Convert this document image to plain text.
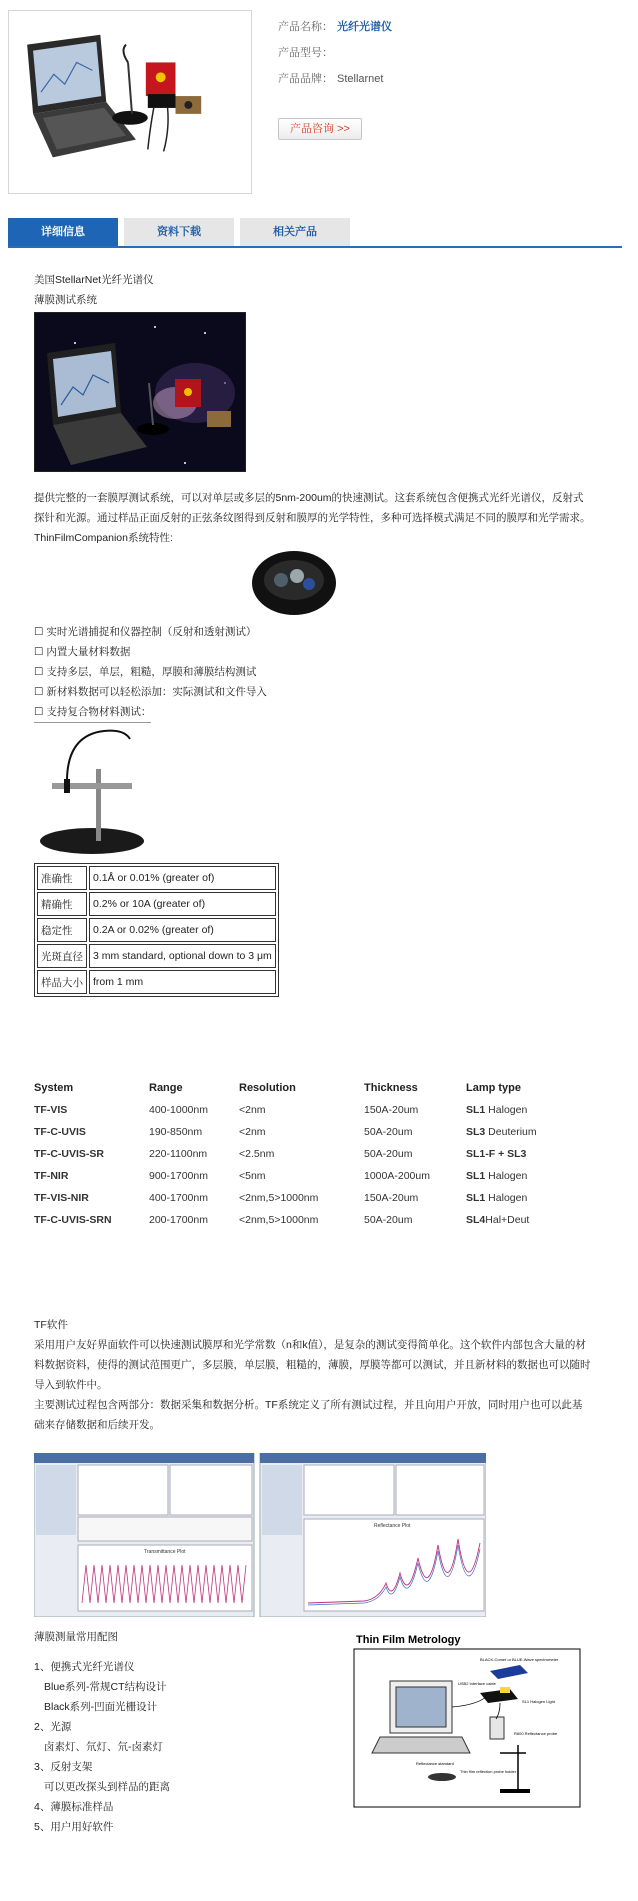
产品名称： 光纤光谱仪
产品型号：
产品品牌： Stellarnet
产品咨询 >>
详细信息	资料下载	相关产品
美国StellarNet光纤光谱仪
薄膜测试系统
提供完整的一套膜厚测试系统，可以对单层或多层的5nm-200um的快速测试。这套系统包含便携式光纤光谱仪，反射式探针和光源。通过样品正面反射的正弦条纹图得到反射和膜厚的光学特性，多种可选择模式满足不同的膜厚和光学需求。
ThinFilmCompanion系统特性:
☐ 实时光谱捕捉和仪器控制（反射和透射测试）
☐ 内置大量材料数据
☐ 支持多层，单层，粗糙，厚膜和薄膜结构测试
☐ 新材料数据可以轻松添加：实际测试和文件导入
☐ 支持复合物材料测试：
准确性	0.1Å or 0.01% (greater of)
精确性	0.2% or 10A (greater of)
稳定性	0.2A or 0.02% (greater of)
光斑直径	3 mm standard, optional down to 3 μm
样品大小	from 1 mm
System	Range	Resolution	Thickness	Lamp type
TF-VIS	400-1000nm	<2nm	150A-20um	SL1 Halogen
TF-C-UVIS	190-850nm	<2nm	50A-20um	SL3 Deuterium
TF-C-UVIS-SR	220-1100nm	<2.5nm	50A-20um	SL1-F + SL3
TF-NIR	900-1700nm	<5nm	1000A-200um	SL1 Halogen
TF-VIS-NIR	400-1700nm	<2nm,5>1000nm	150A-20um	SL1 Halogen
TF-C-UVIS-SRN	200-1700nm	<2nm,5>1000nm	50A-20um	SL4Hal+Deut
TF软件
采用用户友好界面软件可以快速测试膜厚和光学常数（n和k值），是复杂的测试变得简单化。这个软件内部包含大量的材料数据资料，使得的测试范围更广，多层膜，单层膜，粗糙的，薄膜，厚膜等都可以测试，并且新材料的数据也可以随时导入到软件中。
主要测试过程包含两部分：数据采集和数据分析。TF系统定义了所有测试过程，并且向用户开放，同时用户也可以此基础来存储数据和后续开发。
Transmittance Plot
Reflectance Plot
薄膜测量常用配图
1、便携式光纤光谱仪
Blue系列-常规CT结构设计
Black系列-凹面光栅设计
2、光源
卤素灯、氘灯、氘-卤素灯
3、反射支架
可以更改探头到样品的距离
4、薄膜标准样品
5、用户用好软件
Thin Film Metrology
BLACK-Comet or BLUE-Wave spectrometer
USB2 Interface cable
SL1 Halogen Light
R600 Reflectance probe
Thin film reflection probe holder
Reflectance standard
